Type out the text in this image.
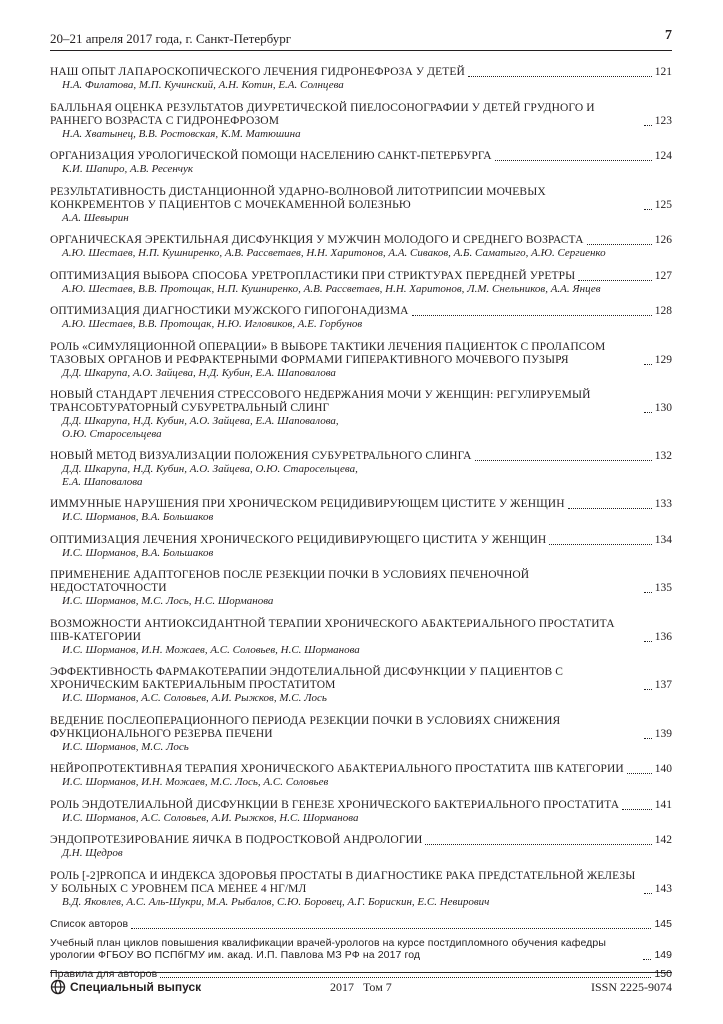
20–21 апреля 2017 года, г. Санкт-Петербург	7
НАШ ОПЫТ ЛАПАРОСКОПИЧЕСКОГО ЛЕЧЕНИЯ ГИДРОНЕФРОЗА У ДЕТЕЙ	121
Н.А. Филатова, М.П. Кучинский, А.Н. Котин, Е.А. Солнцева
БАЛЛЬНАЯ ОЦЕНКА РЕЗУЛЬТАТОВ ДИУРЕТИЧЕСКОЙ ПИЕЛОСОНОГРАФИИ У ДЕТЕЙ ГРУДНОГО И РАННЕГО ВОЗРАСТА С ГИДРОНЕФРОЗОМ	123
Н.А. Хватынец, В.В. Ростовская, К.М. Матюшина
ОРГАНИЗАЦИЯ УРОЛОГИЧЕСКОЙ ПОМОЩИ НАСЕЛЕНИЮ САНКТ-ПЕТЕРБУРГА	124
К.И. Шапиро, А.В. Ресенчук
РЕЗУЛЬТАТИВНОСТЬ ДИСТАНЦИОННОЙ УДАРНО-ВОЛНОВОЙ ЛИТОТРИПСИИ МОЧЕВЫХ КОНКРЕМЕНТОВ У ПАЦИЕНТОВ С МОЧЕКАМЕННОЙ БОЛЕЗНЬЮ	125
А.А. Шевырин
ОРГАНИЧЕСКАЯ ЭРЕКТИЛЬНАЯ ДИСФУНКЦИЯ У МУЖЧИН МОЛОДОГО И СРЕДНЕГО ВОЗРАСТА	126
А.Ю. Шестаев, Н.П. Кушниренко, А.В. Рассветаев, Н.Н. Харитонов, А.А. Сиваков, А.Б. Саматыго, А.Ю. Сергиенко
ОПТИМИЗАЦИЯ ВЫБОРА СПОСОБА УРЕТРОПЛАСТИКИ ПРИ СТРИКТУРАХ ПЕРЕДНЕЙ УРЕТРЫ	127
А.Ю. Шестаев, В.В. Протощак, Н.П. Кушниренко, А.В. Рассветаев, Н.Н. Харитонов, Л.М. Снельников, А.А. Янцев
ОПТИМИЗАЦИЯ ДИАГНОСТИКИ МУЖСКОГО ГИПОГОНАДИЗМА	128
А.Ю. Шестаев, В.В. Протощак, Н.Ю. Игловиков, А.Е. Горбунов
РОЛЬ «СИМУЛЯЦИОННОЙ ОПЕРАЦИИ» В ВЫБОРЕ ТАКТИКИ ЛЕЧЕНИЯ ПАЦИЕНТОК С ПРОЛАПСОМ ТАЗОВЫХ ОРГАНОВ И РЕФРАКТЕРНЫМИ ФОРМАМИ ГИПЕРАКТИВНОГО МОЧЕВОГО ПУЗЫРЯ	129
Д.Д. Шкарупа, А.О. Зайцева, Н.Д. Кубин, Е.А. Шаповалова
НОВЫЙ СТАНДАРТ ЛЕЧЕНИЯ СТРЕССОВОГО НЕДЕРЖАНИЯ МОЧИ У ЖЕНЩИН: РЕГУЛИРУЕМЫЙ ТРАНСОБТУРАТОРНЫЙ СУБУРЕТРАЛЬНЫЙ СЛИНГ	130
Д.Д. Шкарупа, Н.Д. Кубин, А.О. Зайцева, Е.А. Шаповалова,
О.Ю. Старосельцева
НОВЫЙ МЕТОД ВИЗУАЛИЗАЦИИ ПОЛОЖЕНИЯ СУБУРЕТРАЛЬНОГО СЛИНГА	132
Д.Д. Шкарупа, Н.Д. Кубин, А.О. Зайцева, О.Ю. Старосельцева,
Е.А. Шаповалова
ИММУННЫЕ НАРУШЕНИЯ ПРИ ХРОНИЧЕСКОМ РЕЦИДИВИРУЮЩЕМ ЦИСТИТЕ У ЖЕНЩИН	133
И.С. Шорманов, В.А. Большаков
ОПТИМИЗАЦИЯ ЛЕЧЕНИЯ ХРОНИЧЕСКОГО РЕЦИДИВИРУЮЩЕГО ЦИСТИТА У ЖЕНЩИН	134
И.С. Шорманов, В.А. Большаков
ПРИМЕНЕНИЕ АДАПТОГЕНОВ ПОСЛЕ РЕЗЕКЦИИ ПОЧКИ В УСЛОВИЯХ ПЕЧЕНОЧНОЙ НЕДОСТАТОЧНОСТИ	135
И.С. Шорманов, М.С. Лось, Н.С. Шорманова
ВОЗМОЖНОСТИ АНТИОКСИДАНТНОЙ ТЕРАПИИ ХРОНИЧЕСКОГО АБАКТЕРИАЛЬНОГО ПРОСТАТИТА IIIB-КАТЕГОРИИ	136
И.С. Шорманов, И.Н. Можаев, А.С. Соловьев, Н.С. Шорманова
ЭФФЕКТИВНОСТЬ ФАРМАКОТЕРАПИИ ЭНДОТЕЛИАЛЬНОЙ ДИСФУНКЦИИ У ПАЦИЕНТОВ С ХРОНИЧЕСКИМ БАКТЕРИАЛЬНЫМ ПРОСТАТИТОМ	137
И.С. Шорманов, А.С. Соловьев, А.И. Рыжков, М.С. Лось
ВЕДЕНИЕ ПОСЛЕОПЕРАЦИОННОГО ПЕРИОДА РЕЗЕКЦИИ ПОЧКИ В УСЛОВИЯХ СНИЖЕНИЯ ФУНКЦИОНАЛЬНОГО РЕЗЕРВА ПЕЧЕНИ	139
И.С. Шорманов, М.С. Лось
НЕЙРОПРОТЕКТИВНАЯ ТЕРАПИЯ ХРОНИЧЕСКОГО АБАКТЕРИАЛЬНОГО ПРОСТАТИТА IIIB КАТЕГОРИИ	140
И.С. Шорманов, И.Н. Можаев, М.С. Лось, А.С. Соловьев
РОЛЬ ЭНДОТЕЛИАЛЬНОЙ ДИСФУНКЦИИ В ГЕНЕЗЕ ХРОНИЧЕСКОГО БАКТЕРИАЛЬНОГО ПРОСТАТИТА	141
И.С. Шорманов, А.С. Соловьев, А.И. Рыжков, Н.С. Шорманова
ЭНДОПРОТЕЗИРОВАНИЕ ЯИЧКА В ПОДРОСТКОВОЙ АНДРОЛОГИИ	142
Д.Н. Щедров
РОЛЬ [-2]PROПСА И ИНДЕКСА ЗДОРОВЬЯ ПРОСТАТЫ В ДИАГНОСТИКЕ РАКА ПРЕДСТАТЕЛЬНОЙ ЖЕЛЕЗЫ У БОЛЬНЫХ С УРОВНЕМ ПСА МЕНЕЕ 4 НГ/МЛ	143
В.Д. Яковлев, А.С. Аль-Шукри, М.А. Рыбалов, С.Ю. Боровец, А.Г. Борискин, Е.С. Невирович
Список авторов	145
Учебный план циклов повышения квалификации врачей-урологов на курсе постдипломного обучения кафедры урологии ФГБОУ ВО ПСПбГМУ им. акад. И.П. Павлова МЗ РФ на 2017 год	149
Правила для авторов	150
Специальный выпуск	2017   Том 7	ISSN 2225-9074
